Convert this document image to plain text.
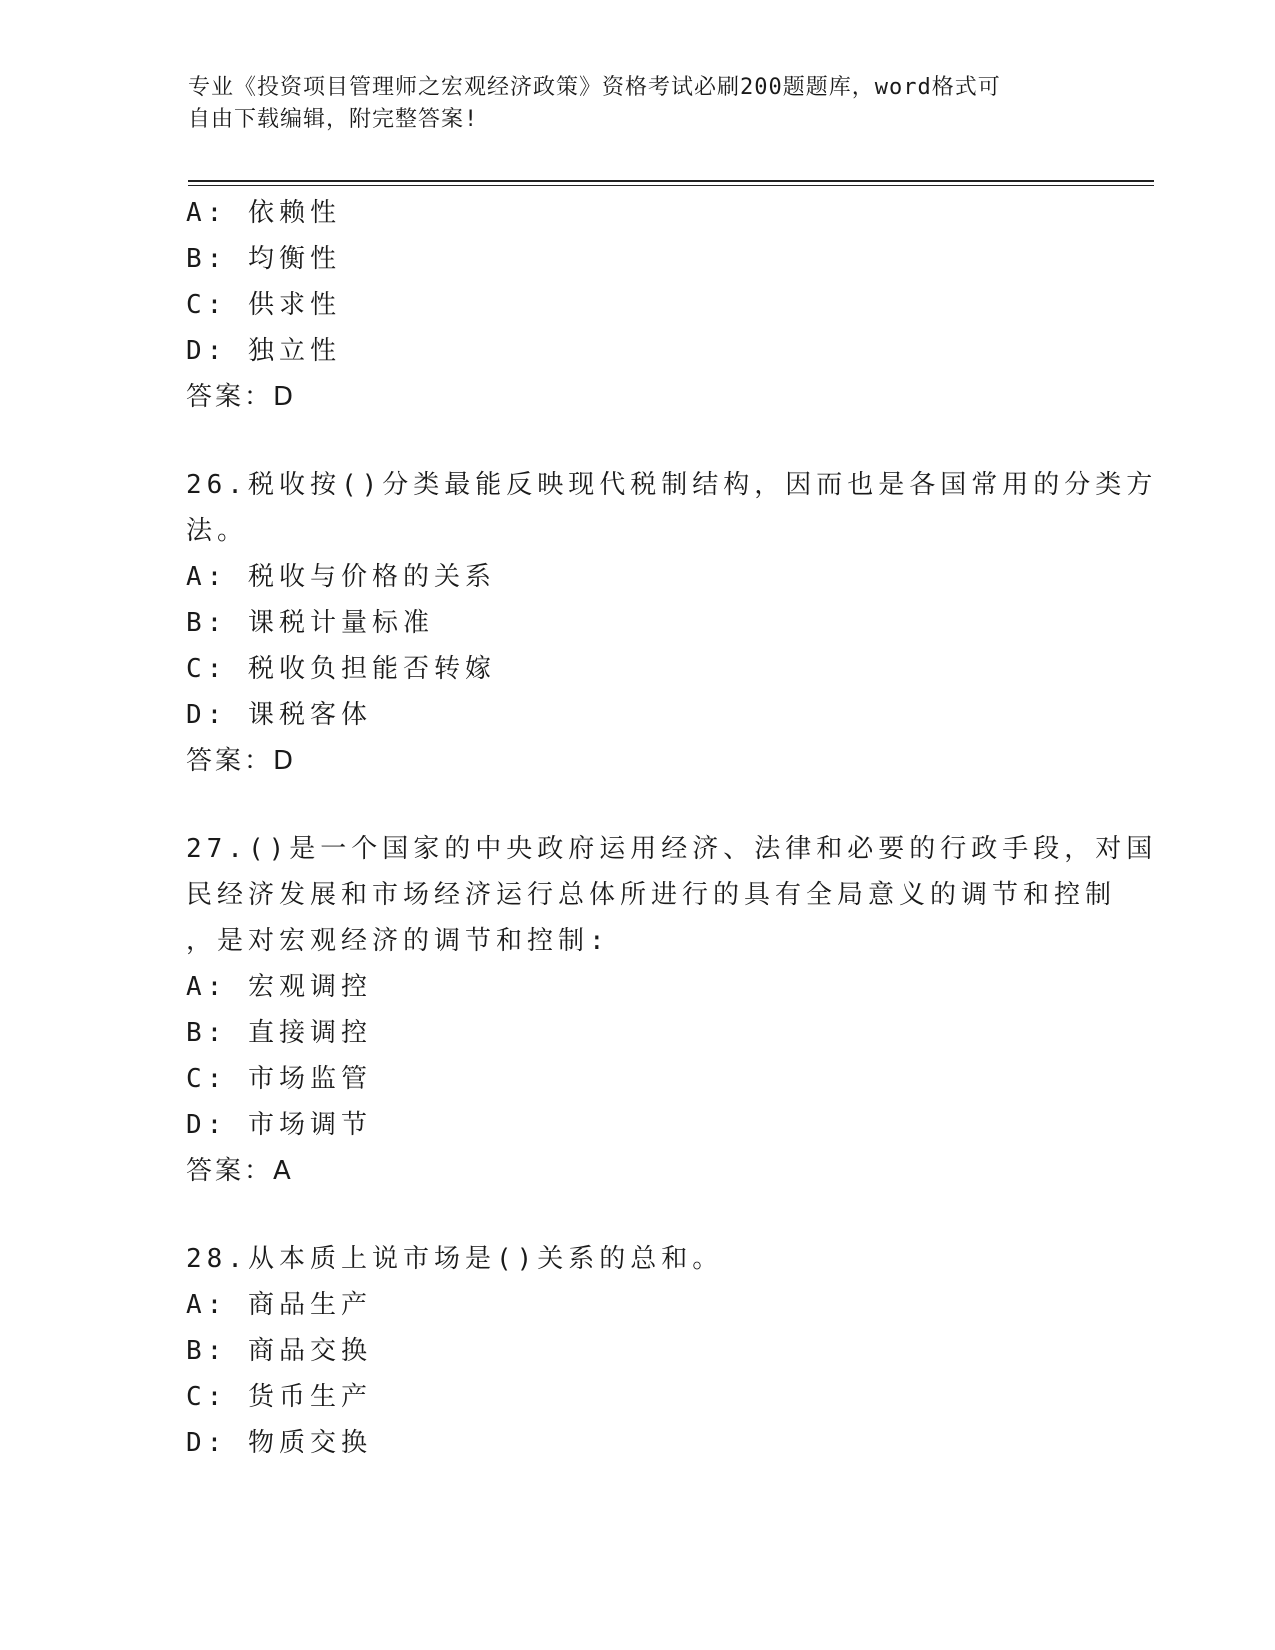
专业《投资项目管理师之宏观经济政策》资格考试必刷200题题库，word格式可
自由下载编辑，附完整答案!
A: 依赖性
B: 均衡性
C: 供求性
D: 独立性
答案：D
26.税收按()分类最能反映现代税制结构，因而也是各国常用的分类方
法。
A: 税收与价格的关系
B: 课税计量标准
C: 税收负担能否转嫁
D: 课税客体
答案：D
27.()是一个国家的中央政府运用经济、法律和必要的行政手段，对国
民经济发展和市场经济运行总体所进行的具有全局意义的调节和控制
，是对宏观经济的调节和控制:
A: 宏观调控
B: 直接调控
C: 市场监管
D: 市场调节
答案：A
28.从本质上说市场是()关系的总和。
A: 商品生产
B: 商品交换
C: 货币生产
D: 物质交换
